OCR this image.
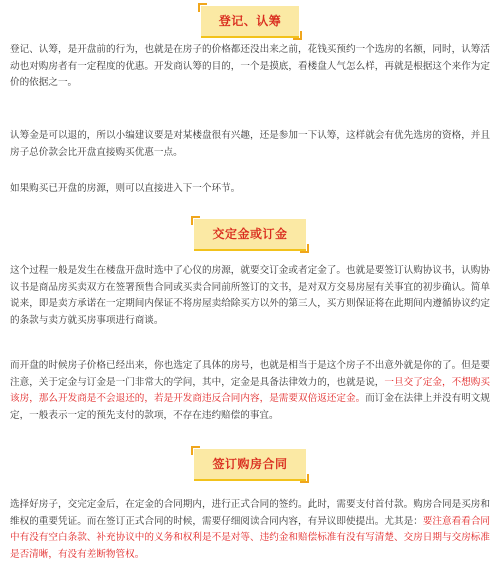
登记、认筹

登记、认筹，是开盘前的行为，也就是在房子的价格都还没出来之前，花钱买预约一个选房的名额，同时，认筹活动也对购房者有一定程度的优惠。开发商认筹的目的，一个是摸底，看楼盘人气怎么样，再就是根据这个来作为定价的依据之一。

认筹金是可以退的，所以小编建议要是对某楼盘很有兴趣，还是参加一下认筹，这样就会有优先选房的资格，并且房子总价款会比开盘直接购买优惠一点。

如果购买已开盘的房源，则可以直接进入下一个环节。

交定金或订金

这个过程一般是发生在楼盘开盘时选中了心仪的房源，就要交订金或者定金了。也就是要签订认购协议书，认购协议书是商品房买卖双方在签署预售合同或买卖合同前所签订的文书，是对双方交易房屋有关事宜的初步确认。简单说来，即是卖方承诺在一定期间内保证不将房屋卖给除买方以外的第三人，买方则保证将在此期间内遵循协议约定的条款与卖方就买房事项进行商谈。

而开盘的时候房子价格已经出来，你也选定了具体的房号，也就是相当于是这个房子不出意外就是你的了。但是要注意，关于定金与订金是一门非常大的学问，其中，定金是具备法律效力的，也就是说，一旦交了定金，不想购买该房，那么开发商是不会退还的，若是开发商违反合同内容，是需要双倍返还定金。而订金在法律上并没有明文规定，一般表示一定的预先支付的款项，不存在违约赔偿的事宜。

签订购房合同

选择好房子，交完定金后，在定金的合同期内，进行正式合同的签约。此时，需要支付首付款。购房合同是买房和维权的重要凭证。而在签订正式合同的时候，需要仔细阅读合同内容，有异议即使提出。尤其是：要注意看看合同中有没有空白条款、补充协议中的义务和权利是不是对等、违约金和赔偿标准有没有写清楚、交房日期与交房标准是否清晰，有没有差断物管权。
